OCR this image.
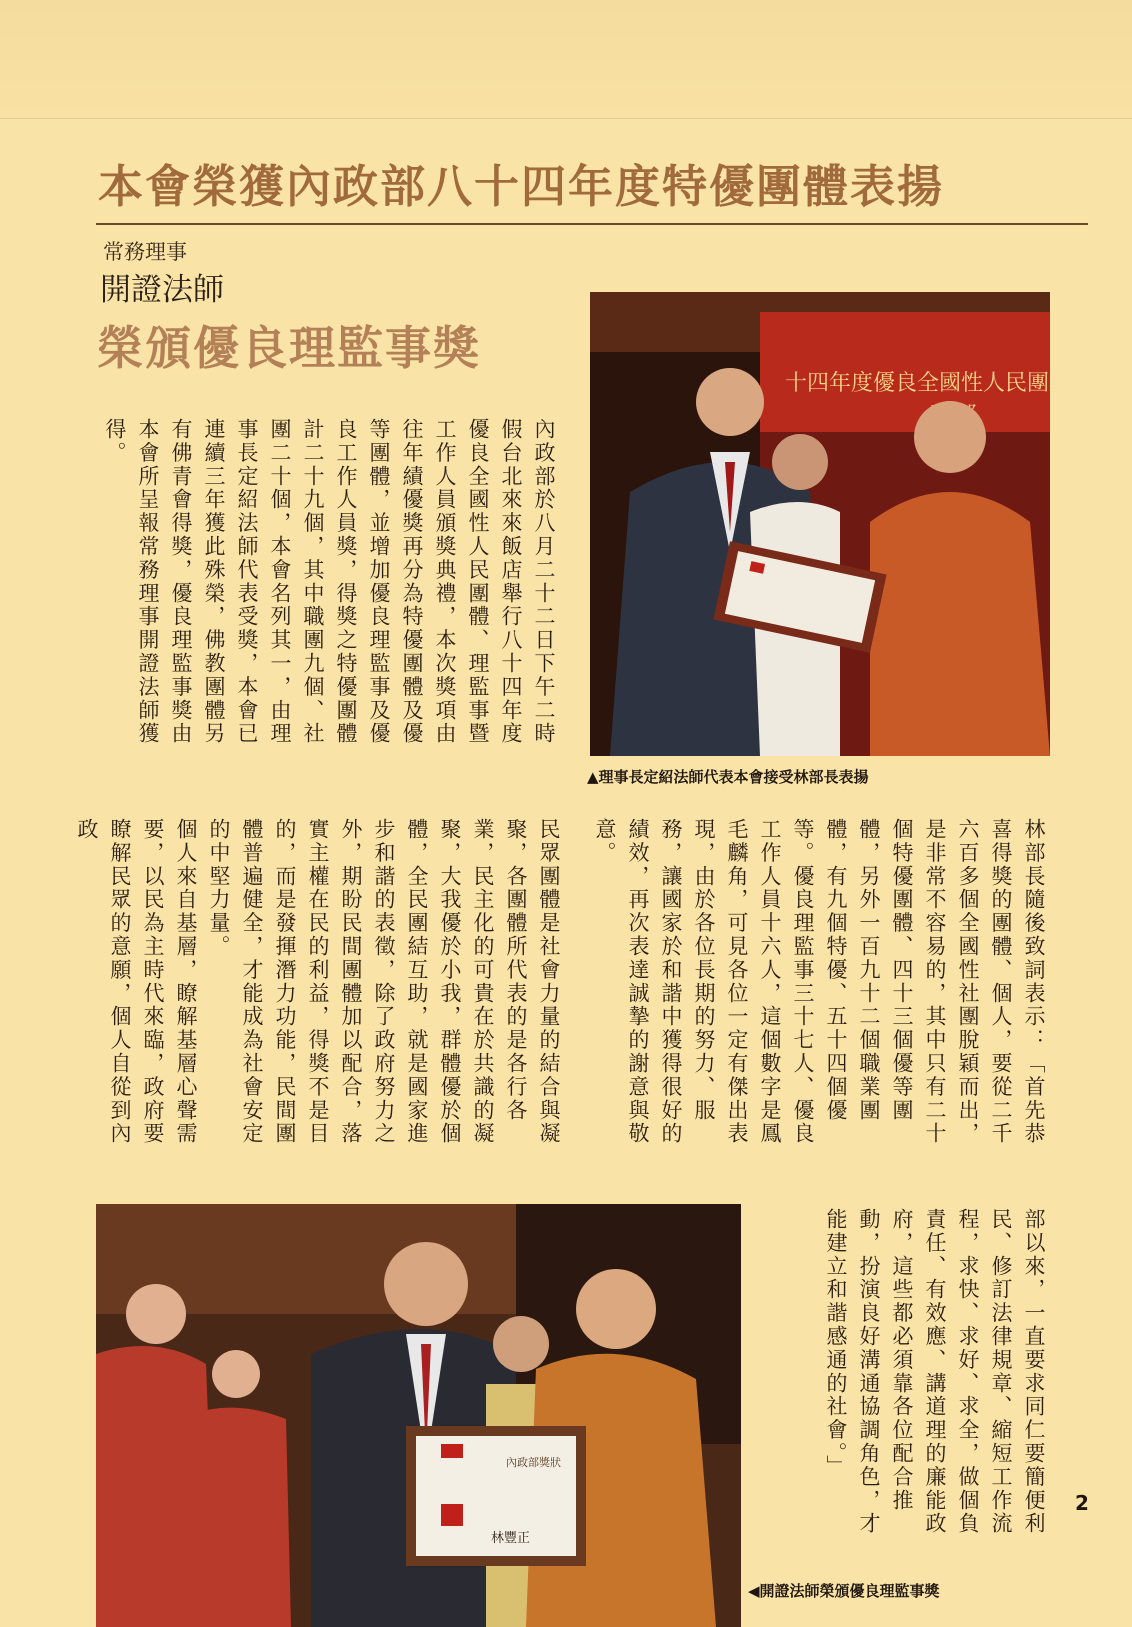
本會榮獲內政部八十四年度特優團體表揚
常務理事
開證法師
榮頒優良理監事獎

內政部於八月二十二日下午二時假台北來來飯店舉行八十四年度優良全國性人民團體、理監事暨工作人員頒獎典禮，本次獎項由往年績優獎再分為特優團體及優等團體，並增加優良理監事及優良工作人員獎，得獎之特優團體計二十九個，其中職團九個、社團二十個，本會名列其一，由理事長定紹法師代表受獎，本會已連續三年獲此殊榮，佛教團體另有佛青會得獎，優良理監事獎由本會所呈報常務理事開證法師獲得。

十四年度優良全國性人民團
▲理事長定紹法師代表本會接受林部長表揚

林部長隨後致詞表示：「首先恭喜得獎的團體、個人，要從二千六百多個全國性社團脫穎而出，是非常不容易的，其中只有二十個特優團體、四十三個優等團體，另外一百九十二個職業團體，有九個特優、五十四個優等。優良理監事三十七人、優良工作人員十六人，這個數字是鳳毛麟角，可見各位一定有傑出表現，由於各位長期的努力、服務，讓國家於和諧中獲得很好的績效，再次表達誠摯的謝意與敬意。

民眾團體是社會力量的結合與凝聚，各團體所代表的是各行各業，民主化的可貴在於共識的凝聚，大我優於小我，群體優於個體，全民團結互助，就是國家進步和諧的表徵，除了政府努力之外，期盼民間團體加以配合，落實主權在民的利益，得獎不是目的，而是發揮潛力功能，民間團體普遍健全，才能成為社會安定的中堅力量。

個人來自基層，瞭解基層心聲需要，以民為主時代來臨，政府要瞭解民眾的意願，個人自從到內政

內政部獎狀
林豐正

部以來，一直要求同仁要簡便利民、修訂法律規章、縮短工作流程，求快、求好、求全，做個負責任、有效應、講道理的廉能政府，這些都必須靠各位配合推動，扮演良好溝通協調角色，才能建立和諧感通的社會。」

◀開證法師榮頒優良理監事獎
2
